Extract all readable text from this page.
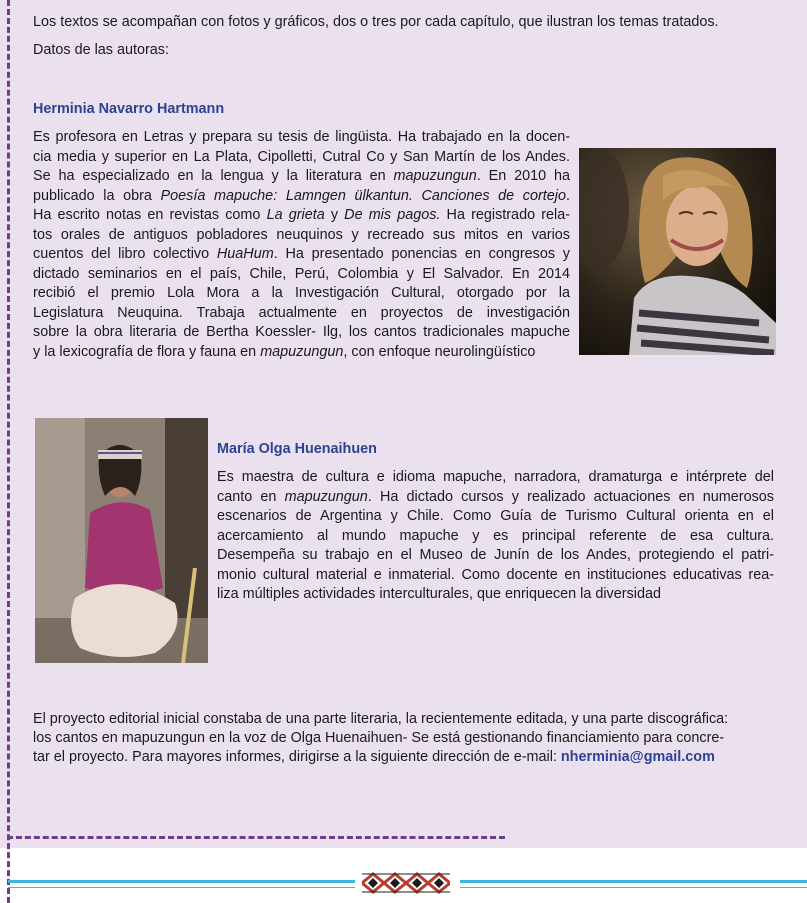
Los textos se acompañan con fotos y gráficos, dos o tres por cada capítulo, que ilustran los temas tratados.

Datos de las autoras:

Herminia Navarro Hartmann
Es profesora en Letras y prepara su tesis de lingüista. Ha trabajado en la docen-
cia media y superior en La Plata, Cipolletti, Cutral Co y San Martín de los Andes.
Se ha especializado en la lengua y la literatura en mapuzungun. En 2010 ha
publicado la obra Poesía mapuche: Lamngen ülkantun. Canciones de cortejo.
Ha escrito notas en revistas como La grieta y De mis pagos. Ha registrado rela-
tos orales de antiguos pobladores neuquinos y recreado sus mitos en varios
cuentos del libro colectivo HuaHum. Ha presentado ponencias en congresos y
dictado seminarios en el país, Chile, Perú, Colombia y El Salvador. En 2014
recibió el premio Lola Mora a la Investigación Cultural, otorgado por la
Legislatura Neuquina. Trabaja actualmente en proyectos de investigación
sobre la obra literaria de Bertha Koessler- Ilg, los cantos tradicionales mapuche
y la lexicografía de flora y fauna en mapuzungun, con enfoque neurolingüístico
María Olga Huenaihuen
Es maestra de cultura e idioma mapuche, narradora, dramaturga e intérprete del
canto en mapuzungun. Ha dictado cursos y realizado actuaciones en numerosos
escenarios de Argentina y Chile. Como Guía de Turismo Cultural orienta en el
acercamiento al mundo mapuche y es principal referente de esa cultura.
Desempeña su trabajo en el Museo de Junín de los Andes, protegiendo el patri-
monio cultural material e inmaterial. Como docente en instituciones educativas rea-
liza múltiples actividades interculturales, que enriquecen la diversidad

El proyecto editorial inicial constaba de una parte literaria, la recientemente editada, y una parte discográfica:

los cantos en mapuzungun en la voz de Olga Huenaihuen- Se está gestionando financiamiento para concre-

tar el proyecto. Para mayores informes, dirigirse a la siguiente dirección de e-mail: nherminia@gmail.com
